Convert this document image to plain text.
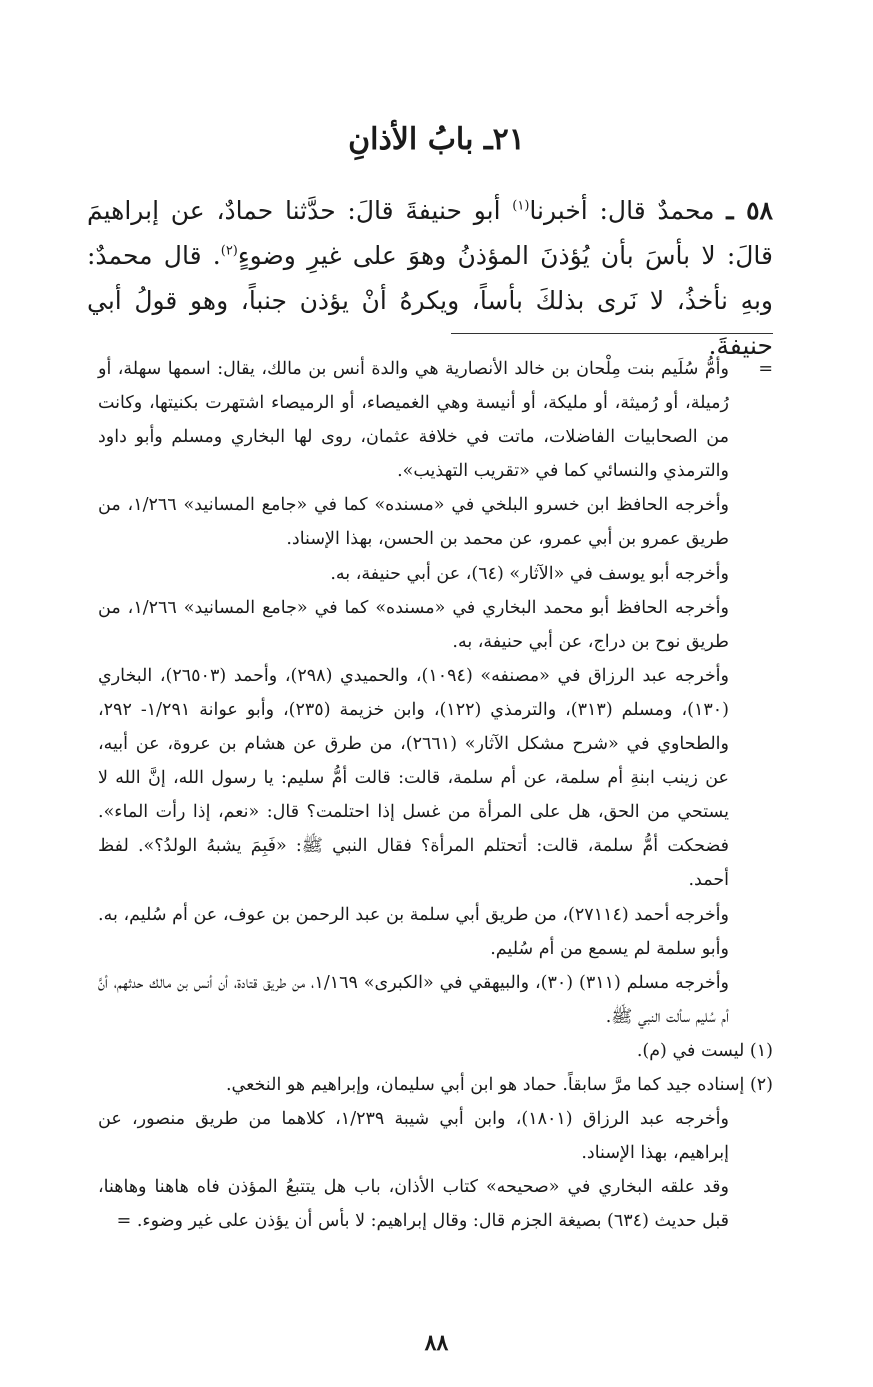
٢١ـ بابُ الأذانِ

٥٨ ـ محمدٌ قال: أخبرنا$^{(١)}$ أبو حنيفةَ قالَ: حدَّثنا حمادٌ، عن إبراهيمَ قالَ: لا بأسَ بأن يُؤذنَ المؤذنُ وهوَ على غيرِ وضوءٍ$^{(٢)}$. قال محمدٌ: وبهِ نأخذُ، لا نَرى بذلكَ بأساً، ويكرهُ أنْ يؤذن جنباً، وهو قولُ أبي حنيفةَ.

=

وأمُّ سُلَيم بنت مِلْحان بن خالد الأنصارية هي والدة أنس بن مالك، يقال: اسمها سهلة، أو رُميلة، أو رُميثة، أو مليكة، أو أنيسة وهي الغميصاء، أو الرميصاء اشتهرت بكنيتها، وكانت من الصحابيات الفاضلات، ماتت في خلافة عثمان، روى لها البخاري ومسلم وأبو داود والترمذي والنسائي كما في «تقريب التهذيب».

وأخرجه الحافظ ابن خسرو البلخي في «مسنده» كما في «جامع المسانيد» ١/٢٦٦، من طريق عمرو بن أبي عمرو، عن محمد بن الحسن، بهذا الإسناد.

وأخرجه أبو يوسف في «الآثار» (٦٤)، عن أبي حنيفة، به.

وأخرجه الحافظ أبو محمد البخاري في «مسنده» كما في «جامع المسانيد» ١/٢٦٦، من طريق نوح بن دراج، عن أبي حنيفة، به.

وأخرجه عبد الرزاق في «مصنفه» (١٠٩٤)، والحميدي (٢٩٨)، وأحمد (٢٦٥٠٣)، البخاري (١٣٠)، ومسلم (٣١٣)، والترمذي (١٢٢)، وابن خزيمة (٢٣٥)، وأبو عوانة ١/٢٩١- ٢٩٢، والطحاوي في «شرح مشكل الآثار» (٢٦٦١)، من طرق عن هشام بن عروة، عن أبيه، عن زينب ابنةِ أم سلمة، عن أم سلمة، قالت: قالت أمُّ سليم: يا رسول الله، إنَّ الله لا يستحي من الحق، هل على المرأة من غسل إذا احتلمت؟ قال: «نعم، إذا رأت الماء». فضحكت أمُّ سلمة، قالت: أتحتلم المرأة؟ فقال النبي ﷺ: «فَبِمَ يشبهُ الولدُ؟». لفظ أحمد.

وأخرجه أحمد (٢٧١١٤)، من طريق أبي سلمة بن عبد الرحمن بن عوف، عن أم سُليم، به. وأبو سلمة لم يسمع من أم سُليم.

وأخرجه مسلم (٣١١) (٣٠)، والبيهقي في «الكبرى» ١/١٦٩، من طريق قتادة، أن أنس بن مالك حدثهم، أنَّ أم سُليم سألت النبي ﷺ.

(١) ليست في (م).

(٢) إسناده جيد كما مرَّ سابقاً. حماد هو ابن أبي سليمان، وإبراهيم هو النخعي.

وأخرجه عبد الرزاق (١٨٠١)، وابن أبي شيبة ١/٢٣٩، كلاهما من طريق منصور، عن إبراهيم، بهذا الإسناد.

وقد علقه البخاري في «صحيحه» كتاب الأذان، باب هل يتتبعُ المؤذن فاه هاهنا وهاهنا، قبل حديث (٦٣٤) بصيغة الجزم قال: وقال إبراهيم: لا بأس أن يؤذن على غير وضوء. =

٨٨
